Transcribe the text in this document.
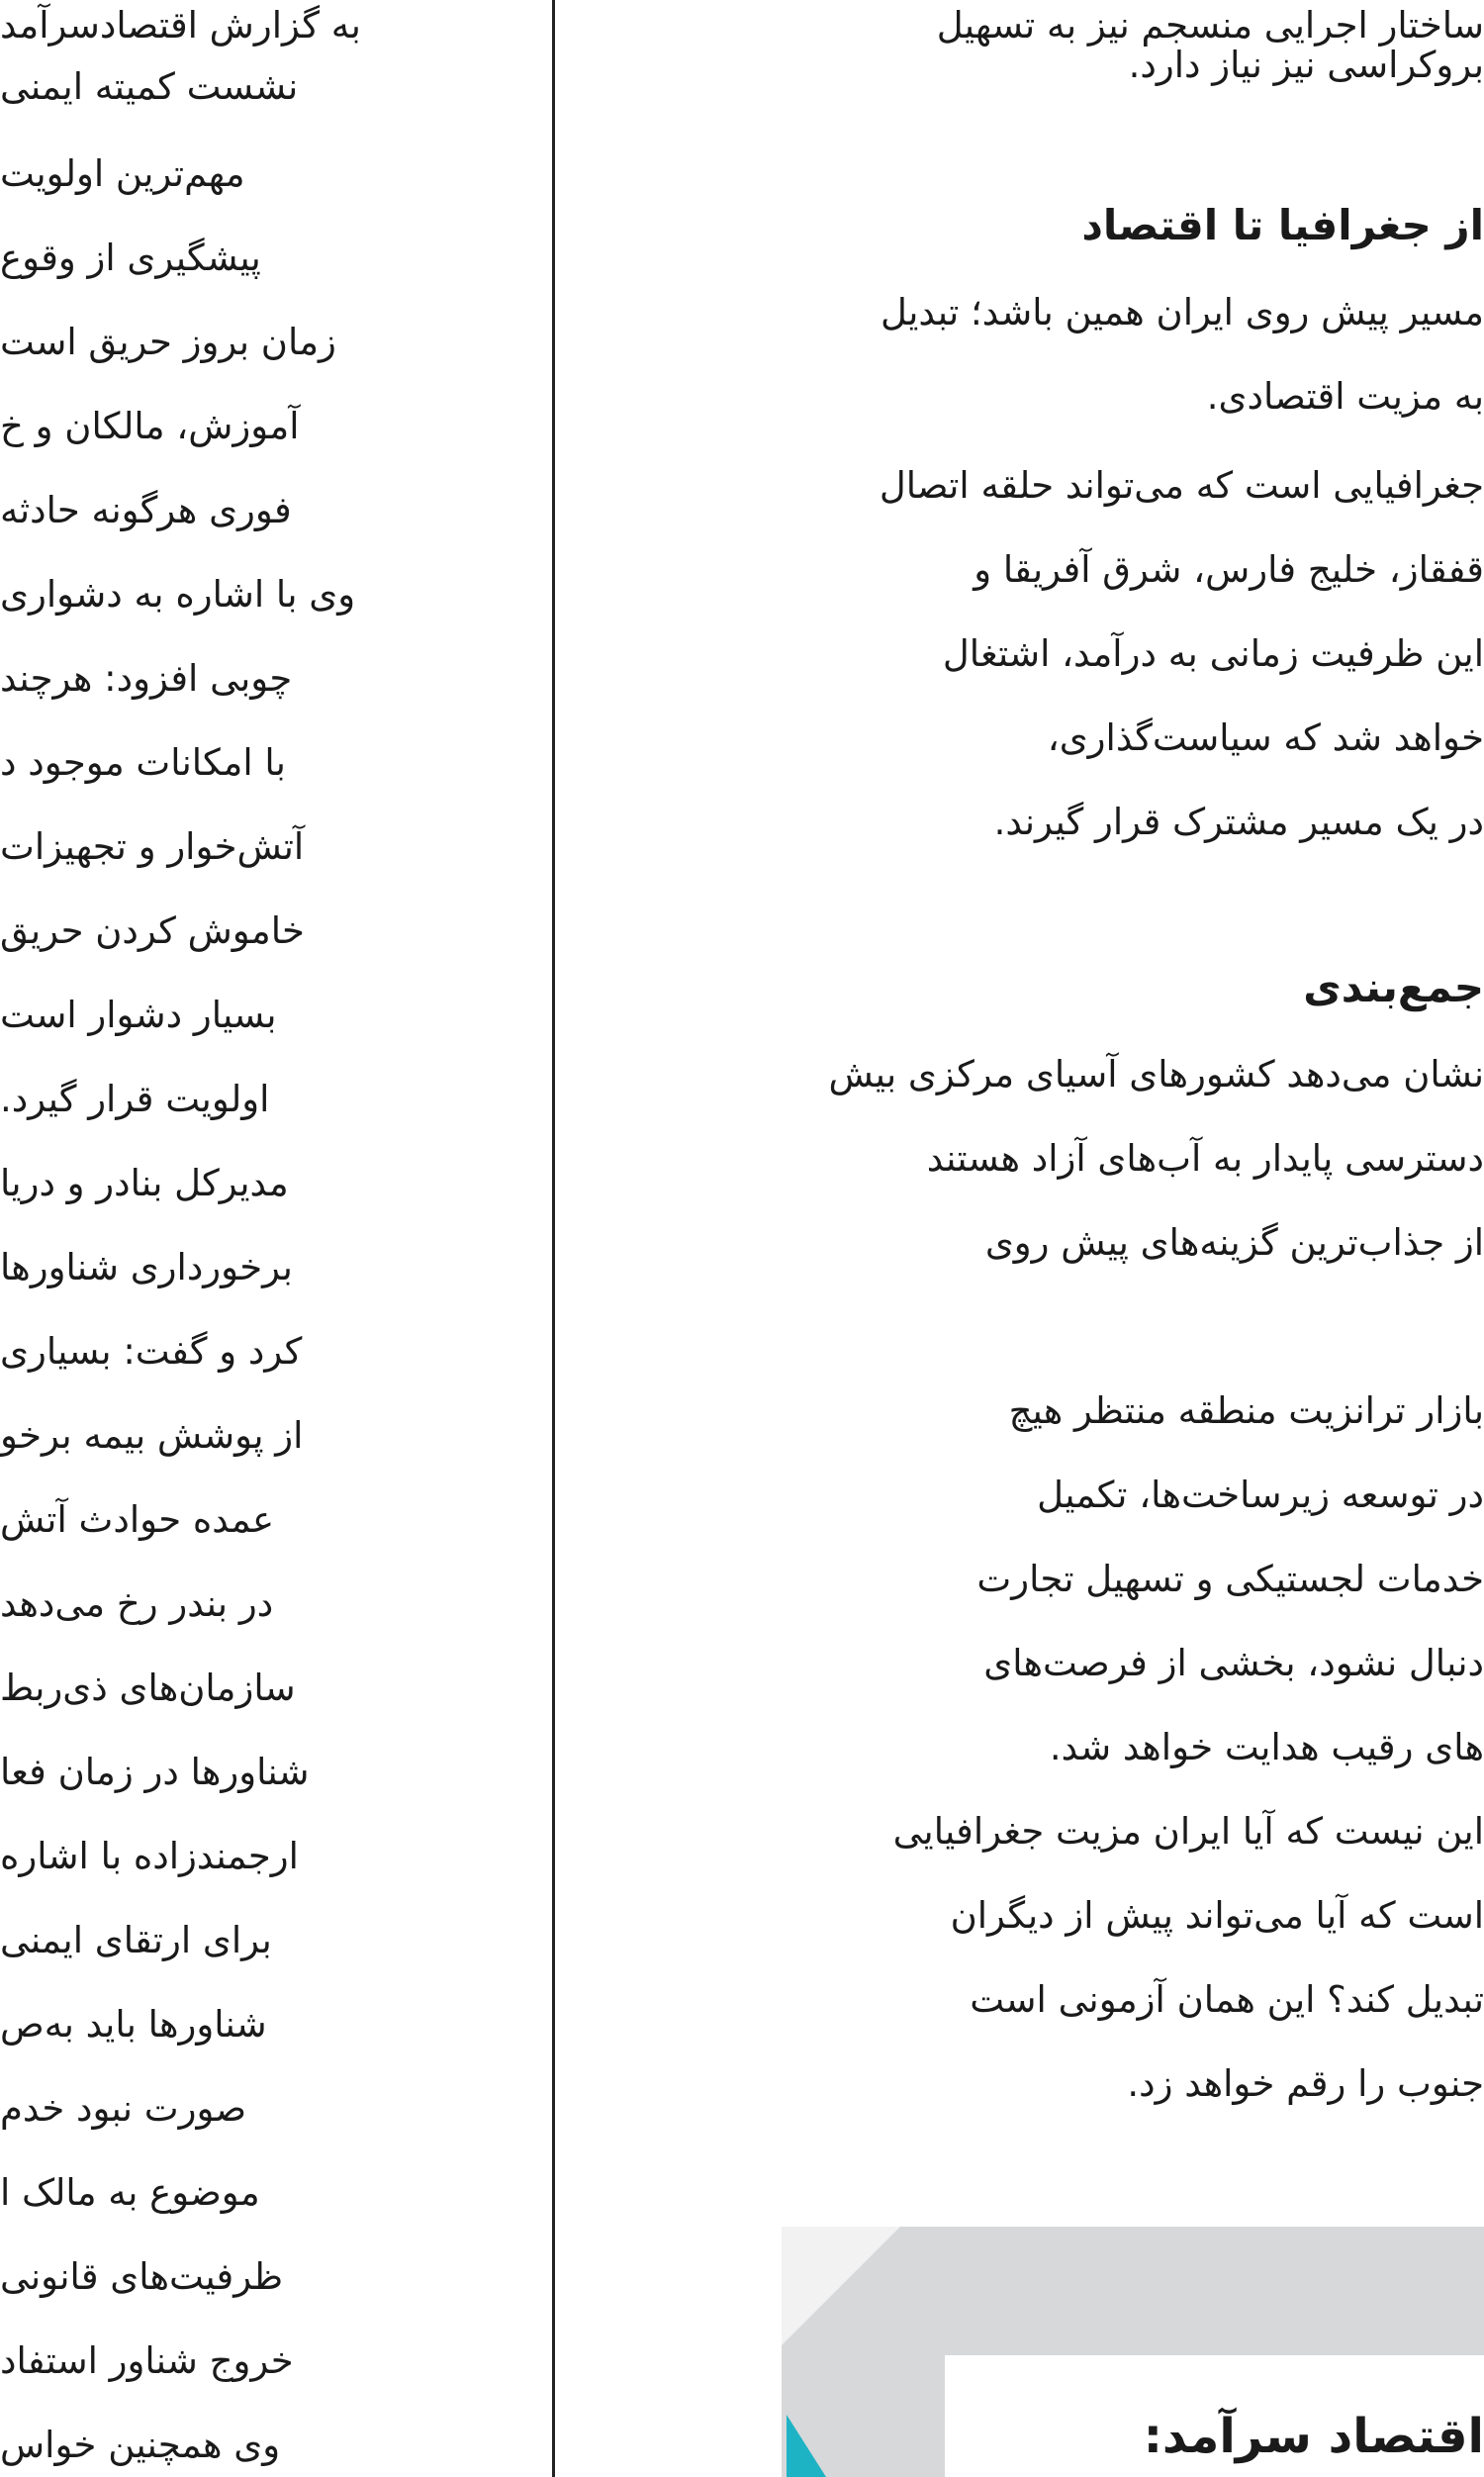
به گزارش اقتصادسرآمد
نشست کمیته ایمنی
مهم‌ترین اولویت
پیشگیری از وقوع
زمان بروز حریق است
آموزش، مالکان و خ
فوری هرگونه حادثه
وی با اشاره به دشواری
چوبی افزود: هرچند
با امکانات موجود د
آتش‌خوار و تجهیزات
خاموش کردن حریق
بسیار دشوار است
اولویت قرار گیرد.
مدیرکل بنادر و دریا
برخورداری شناورها
کرد و گفت: بسیاری
از پوشش بیمه برخو
عمده حوادث آتش
در بندر رخ می‌دهد
سازمان‌های ذی‌ربط
شناورها در زمان فعا
ارجمندزاده با اشاره
برای ارتقای ایمنی
شناورها باید به‌ص
صورت نبود خدم
موضوع به مالک ا
ظرفیت‌های قانونی
خروج شناور استفاد
وی همچنین خواس
ساختار اجرایی منسجم نیز به تسهیل
بروکراسی نیز نیاز دارد.
از جغرافیا تا اقتصاد
مسیر پیش روی ایران همین باشد؛ تبدیل
به مزیت اقتصادی.
جغرافیایی است که می‌تواند حلقه اتصال
قفقاز، خلیج فارس، شرق آفریقا و
این ظرفیت زمانی به درآمد، اشتغال
خواهد شد که سیاست‌گذاری،
در یک مسیر مشترک قرار گیرند.
جمع‌بندی
نشان می‌دهد کشورهای آسیای مرکزی بیش
دسترسی پایدار به آب‌های آزاد هستند
از جذاب‌ترین گزینه‌های پیش روی
بازار ترانزیت منطقه منتظر هیچ
در توسعه زیرساخت‌ها، تکمیل
خدمات لجستیکی و تسهیل تجارت
دنبال نشود، بخشی از فرصت‌های
های رقیب هدایت خواهد شد.
این نیست که آیا ایران مزیت جغرافیایی
است که آیا می‌تواند پیش از دیگران
تبدیل کند؟ این همان آزمونی است
جنوب را رقم خواهد زد.
اقتصاد سرآمد:
